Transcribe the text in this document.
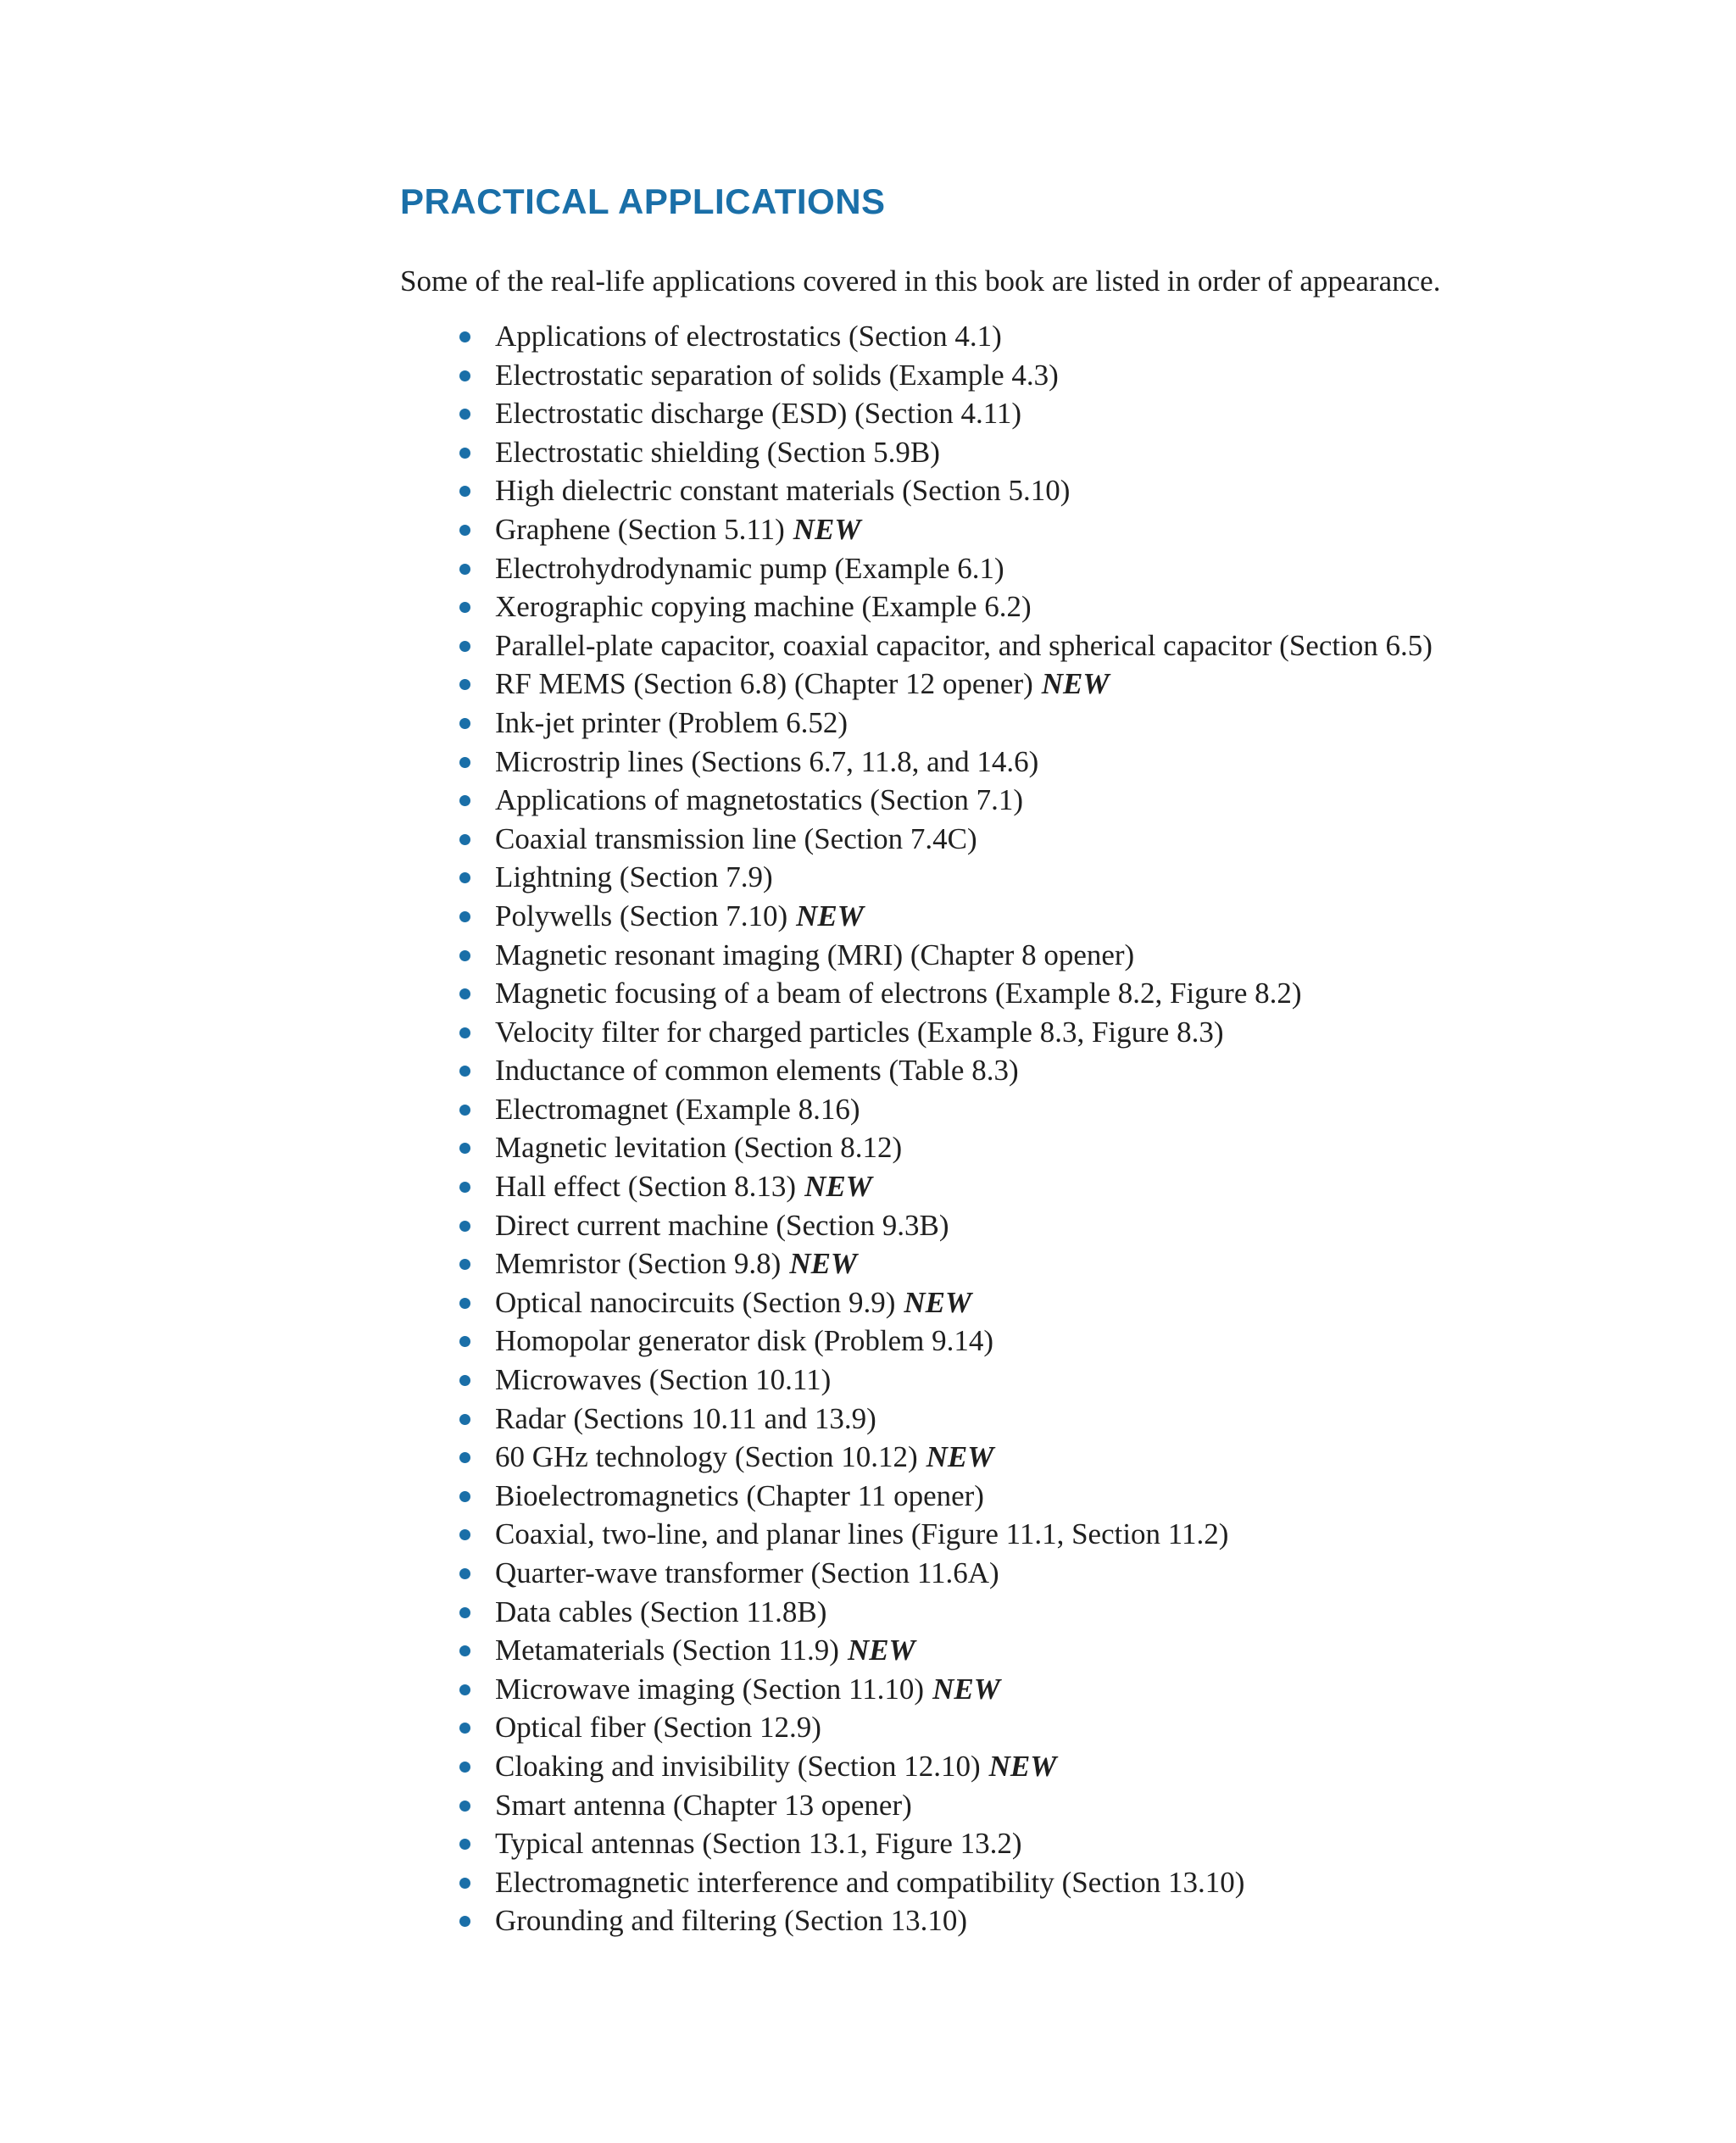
PRACTICAL APPLICATIONS

Some of the real-life applications covered in this book are listed in order of appearance.

Applications of electrostatics (Section 4.1)
Electrostatic separation of solids (Example 4.3)
Electrostatic discharge (ESD) (Section 4.11)
Electrostatic shielding (Section 5.9B)
High dielectric constant materials (Section 5.10)
Graphene (Section 5.11) NEW
Electrohydrodynamic pump (Example 6.1)
Xerographic copying machine (Example 6.2)
Parallel-plate capacitor, coaxial capacitor, and spherical capacitor (Section 6.5)
RF MEMS (Section 6.8) (Chapter 12 opener) NEW
Ink-jet printer (Problem 6.52)
Microstrip lines (Sections 6.7, 11.8, and 14.6)
Applications of magnetostatics (Section 7.1)
Coaxial transmission line (Section 7.4C)
Lightning (Section 7.9)
Polywells (Section 7.10) NEW
Magnetic resonant imaging (MRI) (Chapter 8 opener)
Magnetic focusing of a beam of electrons (Example 8.2, Figure 8.2)
Velocity filter for charged particles (Example 8.3, Figure 8.3)
Inductance of common elements (Table 8.3)
Electromagnet (Example 8.16)
Magnetic levitation (Section 8.12)
Hall effect (Section 8.13) NEW
Direct current machine (Section 9.3B)
Memristor (Section 9.8) NEW
Optical nanocircuits (Section 9.9) NEW
Homopolar generator disk (Problem 9.14)
Microwaves (Section 10.11)
Radar (Sections 10.11 and 13.9)
60 GHz technology (Section 10.12) NEW
Bioelectromagnetics (Chapter 11 opener)
Coaxial, two-line, and planar lines (Figure 11.1, Section 11.2)
Quarter-wave transformer (Section 11.6A)
Data cables (Section 11.8B)
Metamaterials (Section 11.9) NEW
Microwave imaging (Section 11.10) NEW
Optical fiber (Section 12.9)
Cloaking and invisibility (Section 12.10) NEW
Smart antenna (Chapter 13 opener)
Typical antennas (Section 13.1, Figure 13.2)
Electromagnetic interference and compatibility (Section 13.10)
Grounding and filtering (Section 13.10)
